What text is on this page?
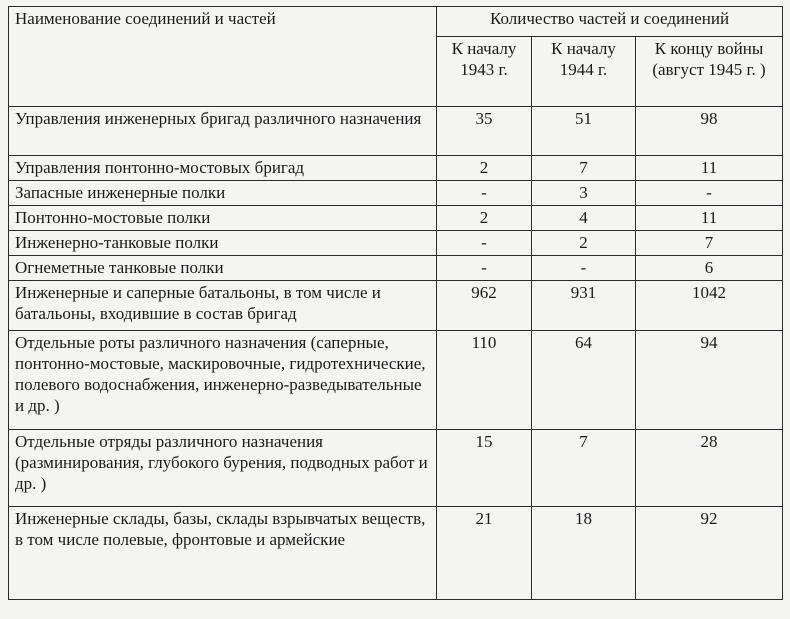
Наименование соединений и частей	Количество частей и соединений		
	К началу 1943 г.	К началу 1944 г.	К концу войны (август 1945 г. )
Управления инженерных бригад различного назначения	35	51	98
Управления понтонно-мостовых бригад	2	7	11
Запасные инженерные полки	-	3	-
Понтонно-мостовые полки	2	4	11
Инженерно-танковые полки	-	2	7
Огнеметные танковые полки	-	-	6
Инженерные и саперные батальоны, в том числе и батальоны, входившие в состав бригад	962	931	1042
Отдельные роты различного назначения (саперные, понтонно-мостовые, маскировочные, гидротехнические, полевого водоснабжения, инженерно-разведывательные и др. )	110	64	94
Отдельные отряды различного назначения (разминирования, глубокого бурения, подводных работ и др. )	15	7	28
Инженерные склады, базы, склады взрывчатых веществ, в том числе полевые, фронтовые и армейские	21	18	92
